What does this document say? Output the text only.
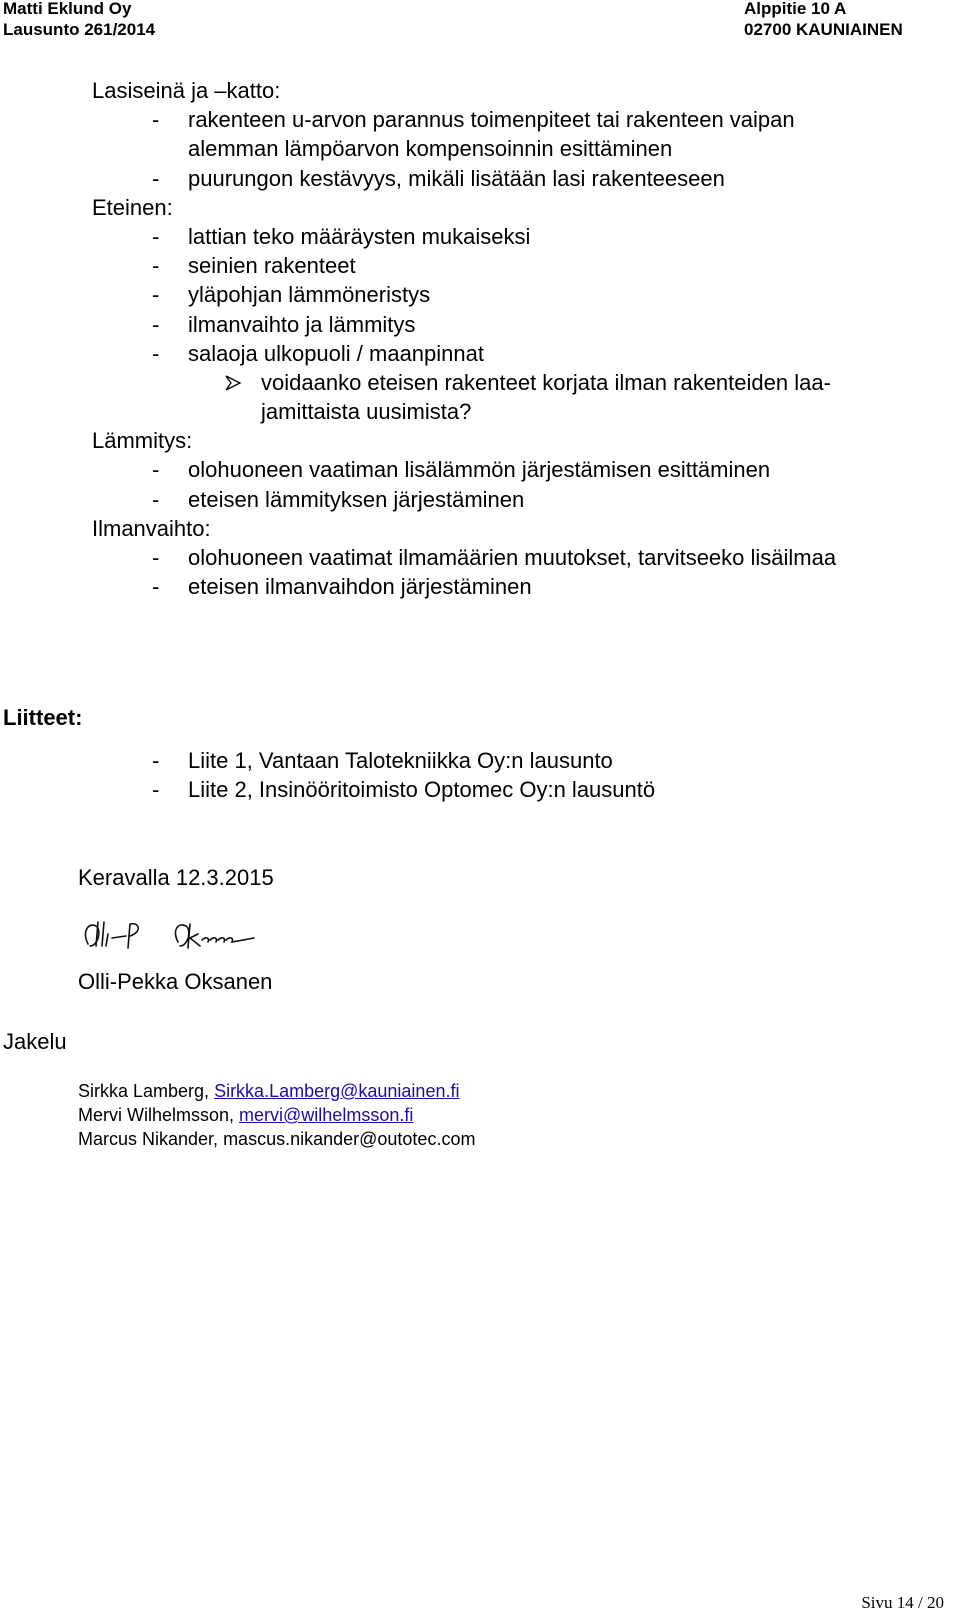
Matti Eklund Oy
Lausunto 261/2014
Alppitie 10 A
02700 KAUNIAINEN
Lasiseinä ja –katto:
- rakenteen u-arvon parannus toimenpiteet tai rakenteen vaipan
alemman lämpöarvon kompensoinnin esittäminen
- puurungon kestävyys, mikäli lisätään lasi rakenteeseen
Eteinen:
- lattian teko määräysten mukaiseksi
- seinien rakenteet
- yläpohjan lämmöneristys
- ilmanvaihto ja lämmitys
- salaoja ulkopuoli / maanpinnat
voidaanko eteisen rakenteet korjata ilman rakenteiden laa-
jamittaista uusimista?
Lämmitys:
- olohuoneen vaatiman lisälämmön järjestämisen esittäminen
- eteisen lämmityksen järjestäminen
Ilmanvaihto:
- olohuoneen vaatimat ilmamäärien muutokset, tarvitseeko lisäilmaa
- eteisen ilmanvaihdon järjestäminen
Liitteet:
- Liite 1, Vantaan Talotekniikka Oy:n lausunto
- Liite 2, Insinööritoimisto Optomec Oy:n lausuntö
Keravalla 12.3.2015
Olli-Pekka Oksanen
Jakelu
Sirkka Lamberg, Sirkka.Lamberg@kauniainen.fi
Mervi Wilhelmsson, mervi@wilhelmsson.fi
Marcus Nikander, mascus.nikander@outotec.com
Sivu 14 / 20
